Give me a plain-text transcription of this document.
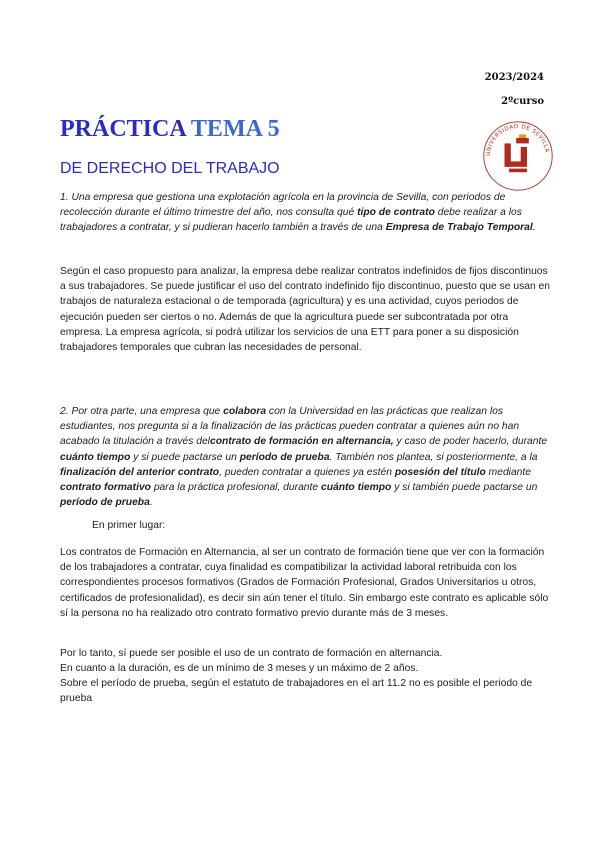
2023/2024
2ºcurso
PRÁCTICA TEMA 5
DE DERECHO DEL TRABAJO
UNIVERSIDAD DE SEVILLA

1. Una empresa que gestiona una explotación agrícola en la provincia de Sevilla, con periodos de recolección durante el último trimestre del año, nos consulta qué tipo de contrato debe realizar a los trabajadores a contratar, y si pudieran hacerlo también a través de una Empresa de Trabajo Temporal.

Según el caso propuesto para analizar, la empresa debe realizar contratos indefinidos de fijos discontinuos a sus trabajadores. Se puede justificar el uso del contrato indefinido fijo discontinuo, puesto que se usan en trabajos de naturaleza estacional o de temporada (agricultura) y es una actividad, cuyos periodos de ejecución pueden ser ciertos o no. Además de que la agricultura puede ser subcontratada por otra empresa. La empresa agrícola, si podrá utilizar los servicios de una ETT para poner a su disposición trabajadores temporales que cubran las necesidades de personal.

2. Por otra parte, una empresa que colabora con la Universidad en las prácticas que realizan los estudiantes, nos pregunta si a la finalización de las prácticas pueden contratar a quienes aún no han acabado la titulación a través delcontrato de formación en alternancia, y caso de poder hacerlo, durante cuánto tiempo y si puede pactarse un período de prueba. También nos plantea, si posteriormente, a la finalización del anterior contrato, pueden contratar a quienes ya estén posesión del título mediante contrato formativo para la práctica profesional, durante cuánto tiempo y si también puede pactarse un período de prueba.

En primer lugar:

Los contratos de Formación en Alternancia, al ser un contrato de formación tiene que ver con la formación de los trabajadores a contratar, cuya finalidad es compatibilizar la actividad laboral retribuida con los correspondientes procesos formativos (Grados de Formación Profesional, Grados Universitarios u otros, certificados de profesionalidad), es decir sin aún tener el título. Sin embargo este contrato es aplicable sólo sí la persona no ha realizado otro contrato formativo previo durante más de 3 meses.

Por lo tanto, sí puede ser posible el uso de un contrato de formación en alternancia.

En cuanto a la duración, es de un mínimo de 3 meses y un máximo de 2 años.

Sobre el período de prueba, según el estatuto de trabajadores en el art 11.2 no es posible el periodo de prueba
